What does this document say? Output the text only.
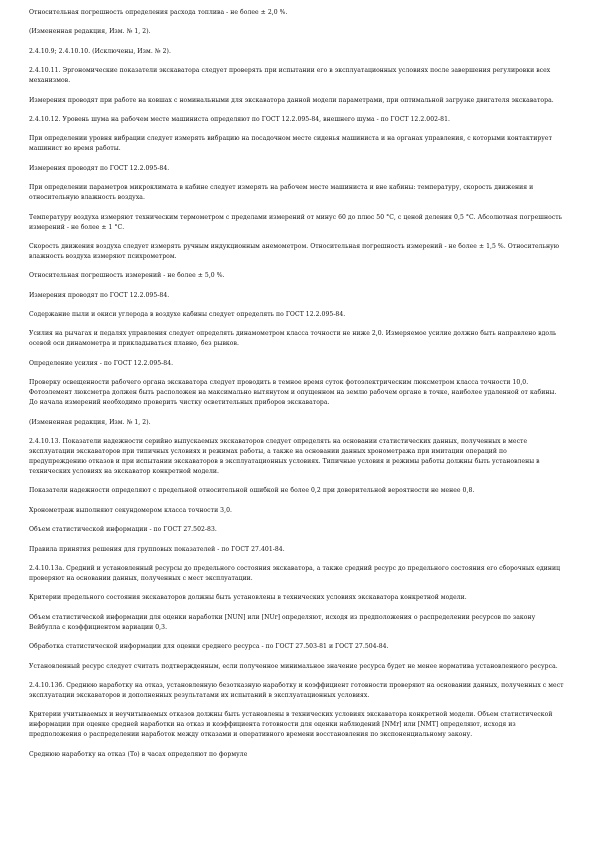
Относительная погрешность определения расхода топлива - не более ± 2,0 %.

(Измененная редакция, Изм. № 1, 2).

2.4.10.9; 2.4.10.10. (Исключены, Изм. № 2).

2.4.10.11. Эргономические показатели экскаватора следует проверять при испытании его в эксплуатационных условиях после завершения регулировки всех механизмов.

Измерения проводят при работе на ковшах с номинальными для экскаватора данной модели параметрами, при оптимальной загрузке двигателя экскаватора.

2.4.10.12. Уровень шума на рабочем месте машиниста определяют по ГОСТ 12.2.095-84, внешнего шума - по ГОСТ 12.2.002-81.

При определении уровня вибрации следует измерять вибрацию на посадочном месте сиденья машиниста и на органах управления, с которыми контактирует машинист во время работы.

Измерения проводят по ГОСТ 12.2.095-84.

При определении параметров микроклимата в кабине следует измерять на рабочем месте машиниста и вне кабины: температуру, скорость движения и относительную влажность воздуха.

Температуру воздуха измеряют техническим термометром с пределами измерений от минус 60 до плюс 50 °С, с ценой деления 0,5 °С. Абсолютная погрешность измерений - не более ± 1 °С.

Скорость движения воздуха следует измерять ручным индукционным анемометром. Относительная погрешность измерений - не более ± 1,5 %. Относительную влажность воздуха измеряют психрометром.

Относительная погрешность измерений - не более ± 5,0 %.

Измерения проводят по ГОСТ 12.2.095-84.

Содержание пыли и окиси углерода в воздухе кабины следует определять по ГОСТ 12.2.095-84.

Усилия на рычагах и педалях управления следует определять динамометром класса точности не ниже 2,0. Измеряемое усилие должно быть направлено вдоль осевой оси динамометра и прикладываться плавно, без рывков.

Определение усилия - по ГОСТ 12.2.095-84.

Проверку освещенности рабочего органа экскаватора следует проводить в темное время суток фотоэлектрическим люксметром класса точности 10,0. Фотоэлемент люксметра должен быть расположен на максимально вытянутом и опущенном на землю рабочем органе в точке, наиболее удаленной от кабины. До начала измерений необходимо проверить чистку осветительных приборов экскаватора.

(Измененная редакция, Изм. № 1, 2).

2.4.10.13. Показатели надежности серийно выпускаемых экскаваторов следует определять на основании статистических данных, полученных в месте эксплуатации экскаваторов при типичных условиях и режимах работы, а также на основании данных хронометража при имитации операций по предупреждению отказов и при испытании экскаваторов в эксплуатационных условиях. Типичные условия и режимы работы должны быть установлены в технических условиях на экскаватор конкретной модели.

Показатели надежности определяют с предельной относительной ошибкой не более 0,2 при доверительной вероятности не менее 0,8.

Хронометраж выполняют секундомером класса точности 3,0.

Объем статистической информации - по ГОСТ 27.502-83.

Правила принятия решения для групповых показателей - по ГОСТ 27.401-84.

2.4.10.13а. Средний и установленный ресурсы до предельного состояния экскаватора, а также средний ресурс до предельного состояния его сборочных единиц проверяют на основании данных, полученных с мест эксплуатации.

Критерии предельного состояния экскаваторов должны быть установлены в технических условиях экскаватора конкретной модели.

Объем статистической информации для оценки наработки [NUN] или [NUr] определяют, исходя из предположения о распределении ресурсов по закону Вейбулла с коэффициентом вариации 0,3.

Обработка статистической информации для оценки среднего ресурса - по ГОСТ 27.503-81 и ГОСТ 27.504-84.

Установленный ресурс следует считать подтвержденным, если полученное минимальное значение ресурса будет не менее норматива установленного ресурса.

2.4.10.13б. Среднюю наработку на отказ, установленную безотказную наработку и коэффициент готовности проверяют на основании данных, полученных с мест эксплуатации экскаваторов и дополненных результатами их испытаний в эксплуатационных условиях.

Критерии учитываемых и неучитываемых отказов должны быть установлены в технических условиях экскаватора конкретной модели. Объем статистической информации при оценке средней наработки на отказ и коэффициента готовности для оценки наблюдений [NMr] или [NMT] определяют, исходя из предположения о распределении наработок между отказами и оперативного времени восстановления по экспоненциальному закону.

Среднюю наработку на отказ (To) в часах определяют по формуле
